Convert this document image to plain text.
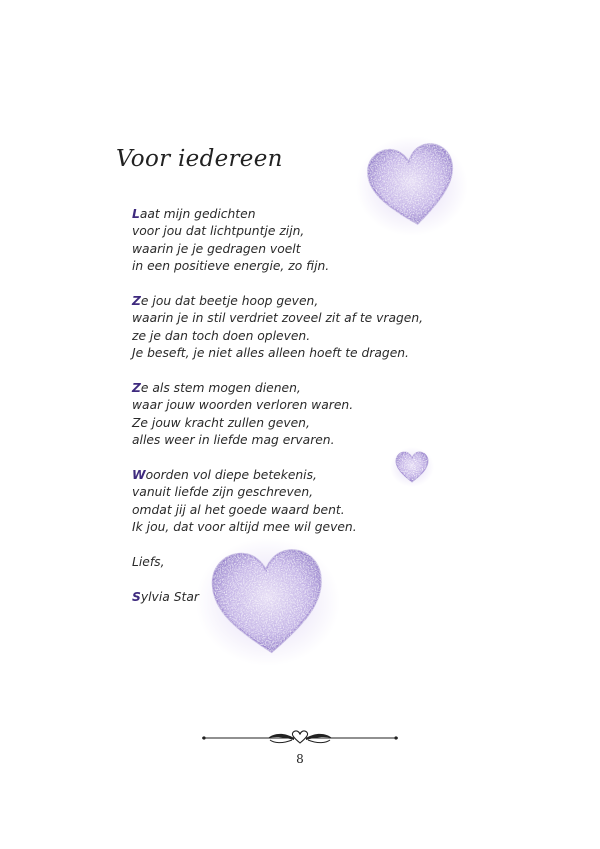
Voor iedereen
Laat mijn gedichten
voor jou dat lichtpuntje zijn,
waarin je je gedragen voelt
in een positieve energie, zo fijn.
Ze jou dat beetje hoop geven,
waarin je in stil verdriet zoveel zit af te vragen,
ze je dan toch doen opleven.
Je beseft, je niet alles alleen hoeft te dragen.
Ze als stem mogen dienen,
waar jouw woorden verloren waren.
Ze jouw kracht zullen geven,
alles weer in liefde mag ervaren.
Woorden vol diepe betekenis,
vanuit liefde zijn geschreven,
omdat jij al het goede waard bent.
Ik jou, dat voor altijd mee wil geven.

Liefs,

Sylvia Star

8
